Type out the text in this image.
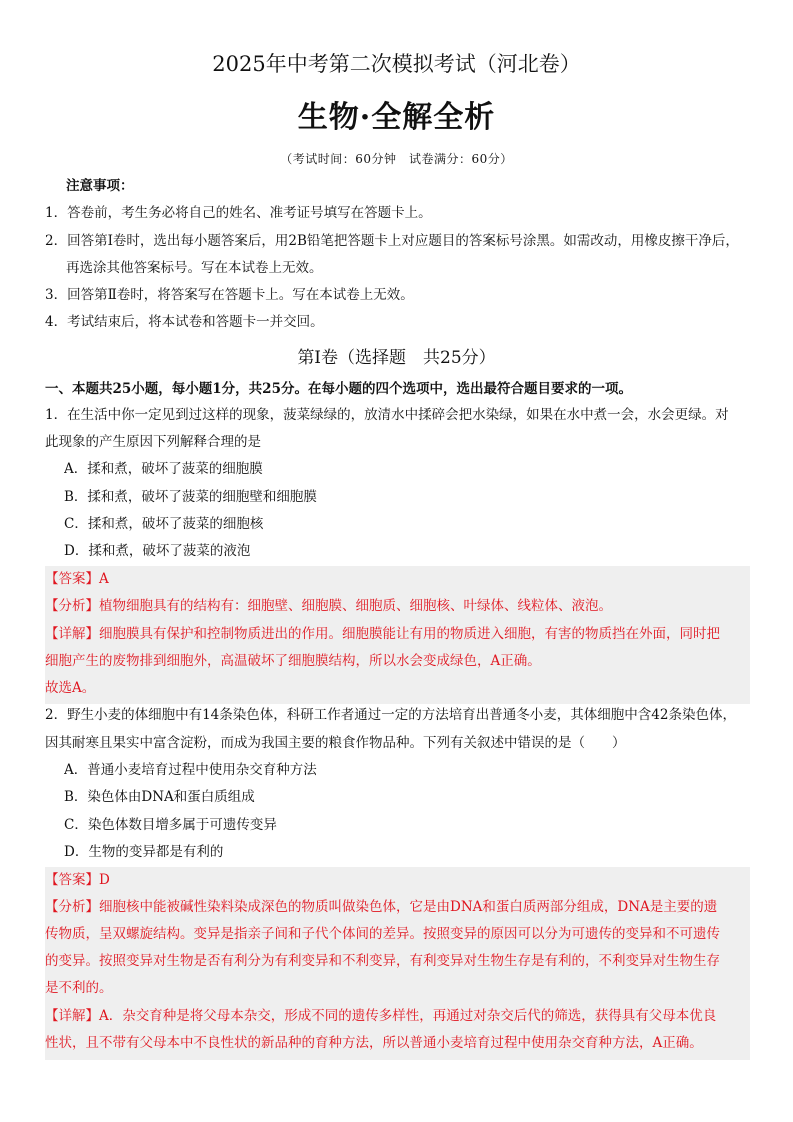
2025年中考第二次模拟考试（河北卷）
生物·全解全析
（考试时间：60分钟　试卷满分：60分）
注意事项：
1．答卷前，考生务必将自己的姓名、准考证号填写在答题卡上。
2．回答第Ⅰ卷时，选出每小题答案后，用2B铅笔把答题卡上对应题目的答案标号涂黑。如需改动，用橡皮擦干净后，
再选涂其他答案标号。写在本试卷上无效。
3．回答第Ⅱ卷时，将答案写在答题卡上。写在本试卷上无效。
4．考试结束后，将本试卷和答题卡一并交回。
第Ⅰ卷（选择题　共25分）
一、本题共25小题，每小题1分，共25分。在每小题的四个选项中，选出最符合题目要求的一项。
1．在生活中你一定见到过这样的现象，菠菜绿绿的，放清水中揉碎会把水染绿，如果在水中煮一会，水会更绿。对
此现象的产生原因下列解释合理的是
A．揉和煮，破坏了菠菜的细胞膜
B．揉和煮，破坏了菠菜的细胞壁和细胞膜
C．揉和煮，破坏了菠菜的细胞核
D．揉和煮，破坏了菠菜的液泡
【答案】A
【分析】植物细胞具有的结构有：细胞壁、细胞膜、细胞质、细胞核、叶绿体、线粒体、液泡。
【详解】细胞膜具有保护和控制物质进出的作用。细胞膜能让有用的物质进入细胞，有害的物质挡在外面，同时把
细胞产生的废物排到细胞外，高温破坏了细胞膜结构，所以水会变成绿色，A正确。
故选A。
2．野生小麦的体细胞中有14条染色体，科研工作者通过一定的方法培育出普通冬小麦，其体细胞中含42条染色体，
因其耐寒且果实中富含淀粉，而成为我国主要的粮食作物品种。下列有关叙述中错误的是（　　）
A．普通小麦培育过程中使用杂交育种方法
B．染色体由DNA和蛋白质组成
C．染色体数目增多属于可遗传变异
D．生物的变异都是有利的
【答案】D
【分析】细胞核中能被碱性染料染成深色的物质叫做染色体，它是由DNA和蛋白质两部分组成，DNA是主要的遗
传物质，呈双螺旋结构。变异是指亲子间和子代个体间的差异。按照变异的原因可以分为可遗传的变异和不可遗传
的变异。按照变异对生物是否有利分为有利变异和不利变异，有利变异对生物生存是有利的，不利变异对生物生存
是不利的。
【详解】A．杂交育种是将父母本杂交，形成不同的遗传多样性，再通过对杂交后代的筛选，获得具有父母本优良
性状，且不带有父母本中不良性状的新品种的育种方法，所以普通小麦培育过程中使用杂交育种方法，A正确。
